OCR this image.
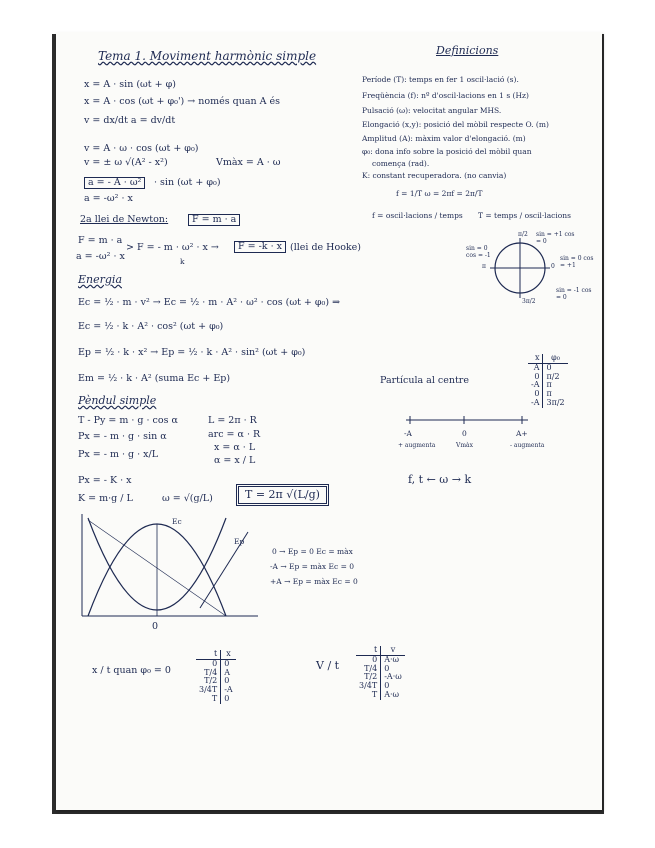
Tema 1. Moviment harmònic simple
x = A · sin (ωt + φ)
x = A · cos (ωt + φ₀') → només quan A és
v = dx/dt a = dv/dt
v = A · ω · cos (ωt + φ₀)
v = ± ω √(A² - x²)	Vmàx = A · ω
a = - A · ω²	· sin (ωt + φ₀)
a = -ω² · x
2a llei de Newton:	F = m · a
F = m · a
a = -ω² · x
> F = - m · ω² · x →
k
F = -k · x (llei de Hooke)
Energia
Ec = ½ · m · v² → Ec = ½ · m · A² · ω² · cos (ωt + φ₀) ⇒
Ec = ½ · k · A² · cos² (ωt + φ₀)
Ep = ½ · k · x² → Ep = ½ · k · A² · sin² (ωt + φ₀)
Em = ½ · k · A² (suma Ec + Ep)
Pèndul simple
T - Py = m · g · cos α
Px = - m · g · sin α
Px = - m · g · x/L
Px = - K · x
K = m·g / L
L = 2π · R
arc = α · R
x = α · L
α = x / L
ω = √(g/L)	T = 2π √(L/g)
Ec
Ep
0
0 → Ep = 0 Ec = màx
-A → Ep = màx Ec = 0
+A → Ep = màx Ec = 0
Definicions
Període (T): temps en fer 1 oscil·lació (s).
Freqüència (f): nº d'oscil·lacions en 1 s (Hz)
Pulsació (ω): velocitat angular MHS.
Elongació (x,y): posició del mòbil respecte O. (m)
Amplitud (A): màxim valor d'elongació. (m)
φ₀: dona info sobre la posició del mòbil quan
comença (rad).
K: constant recuperadora. (no canvia)
f = 1/T ω = 2πf = 2π/T
f = oscil·lacions / temps T = temps / oscil·lacions
π/2 sin = +1 cos = 0
π
sin = 0 cos = -1
0
sin = 0 cos = +1
3π/2
sin = -1 cos = 0
Partícula al centre
x	φ₀
A	0
0	π/2
-A	π
0	π
-A	3π/2
-A	0	A+
+ augmenta	Vmàx	- augmenta
f, t ← ω → k
x / t quan φ₀ = 0
t	x
0	0
T/4	A
T/2	0
3/4T	-A
T	0
V / t
t	v
0	A·ω
T/4	0
T/2	-A·ω
3/4T	0
T	A·ω
